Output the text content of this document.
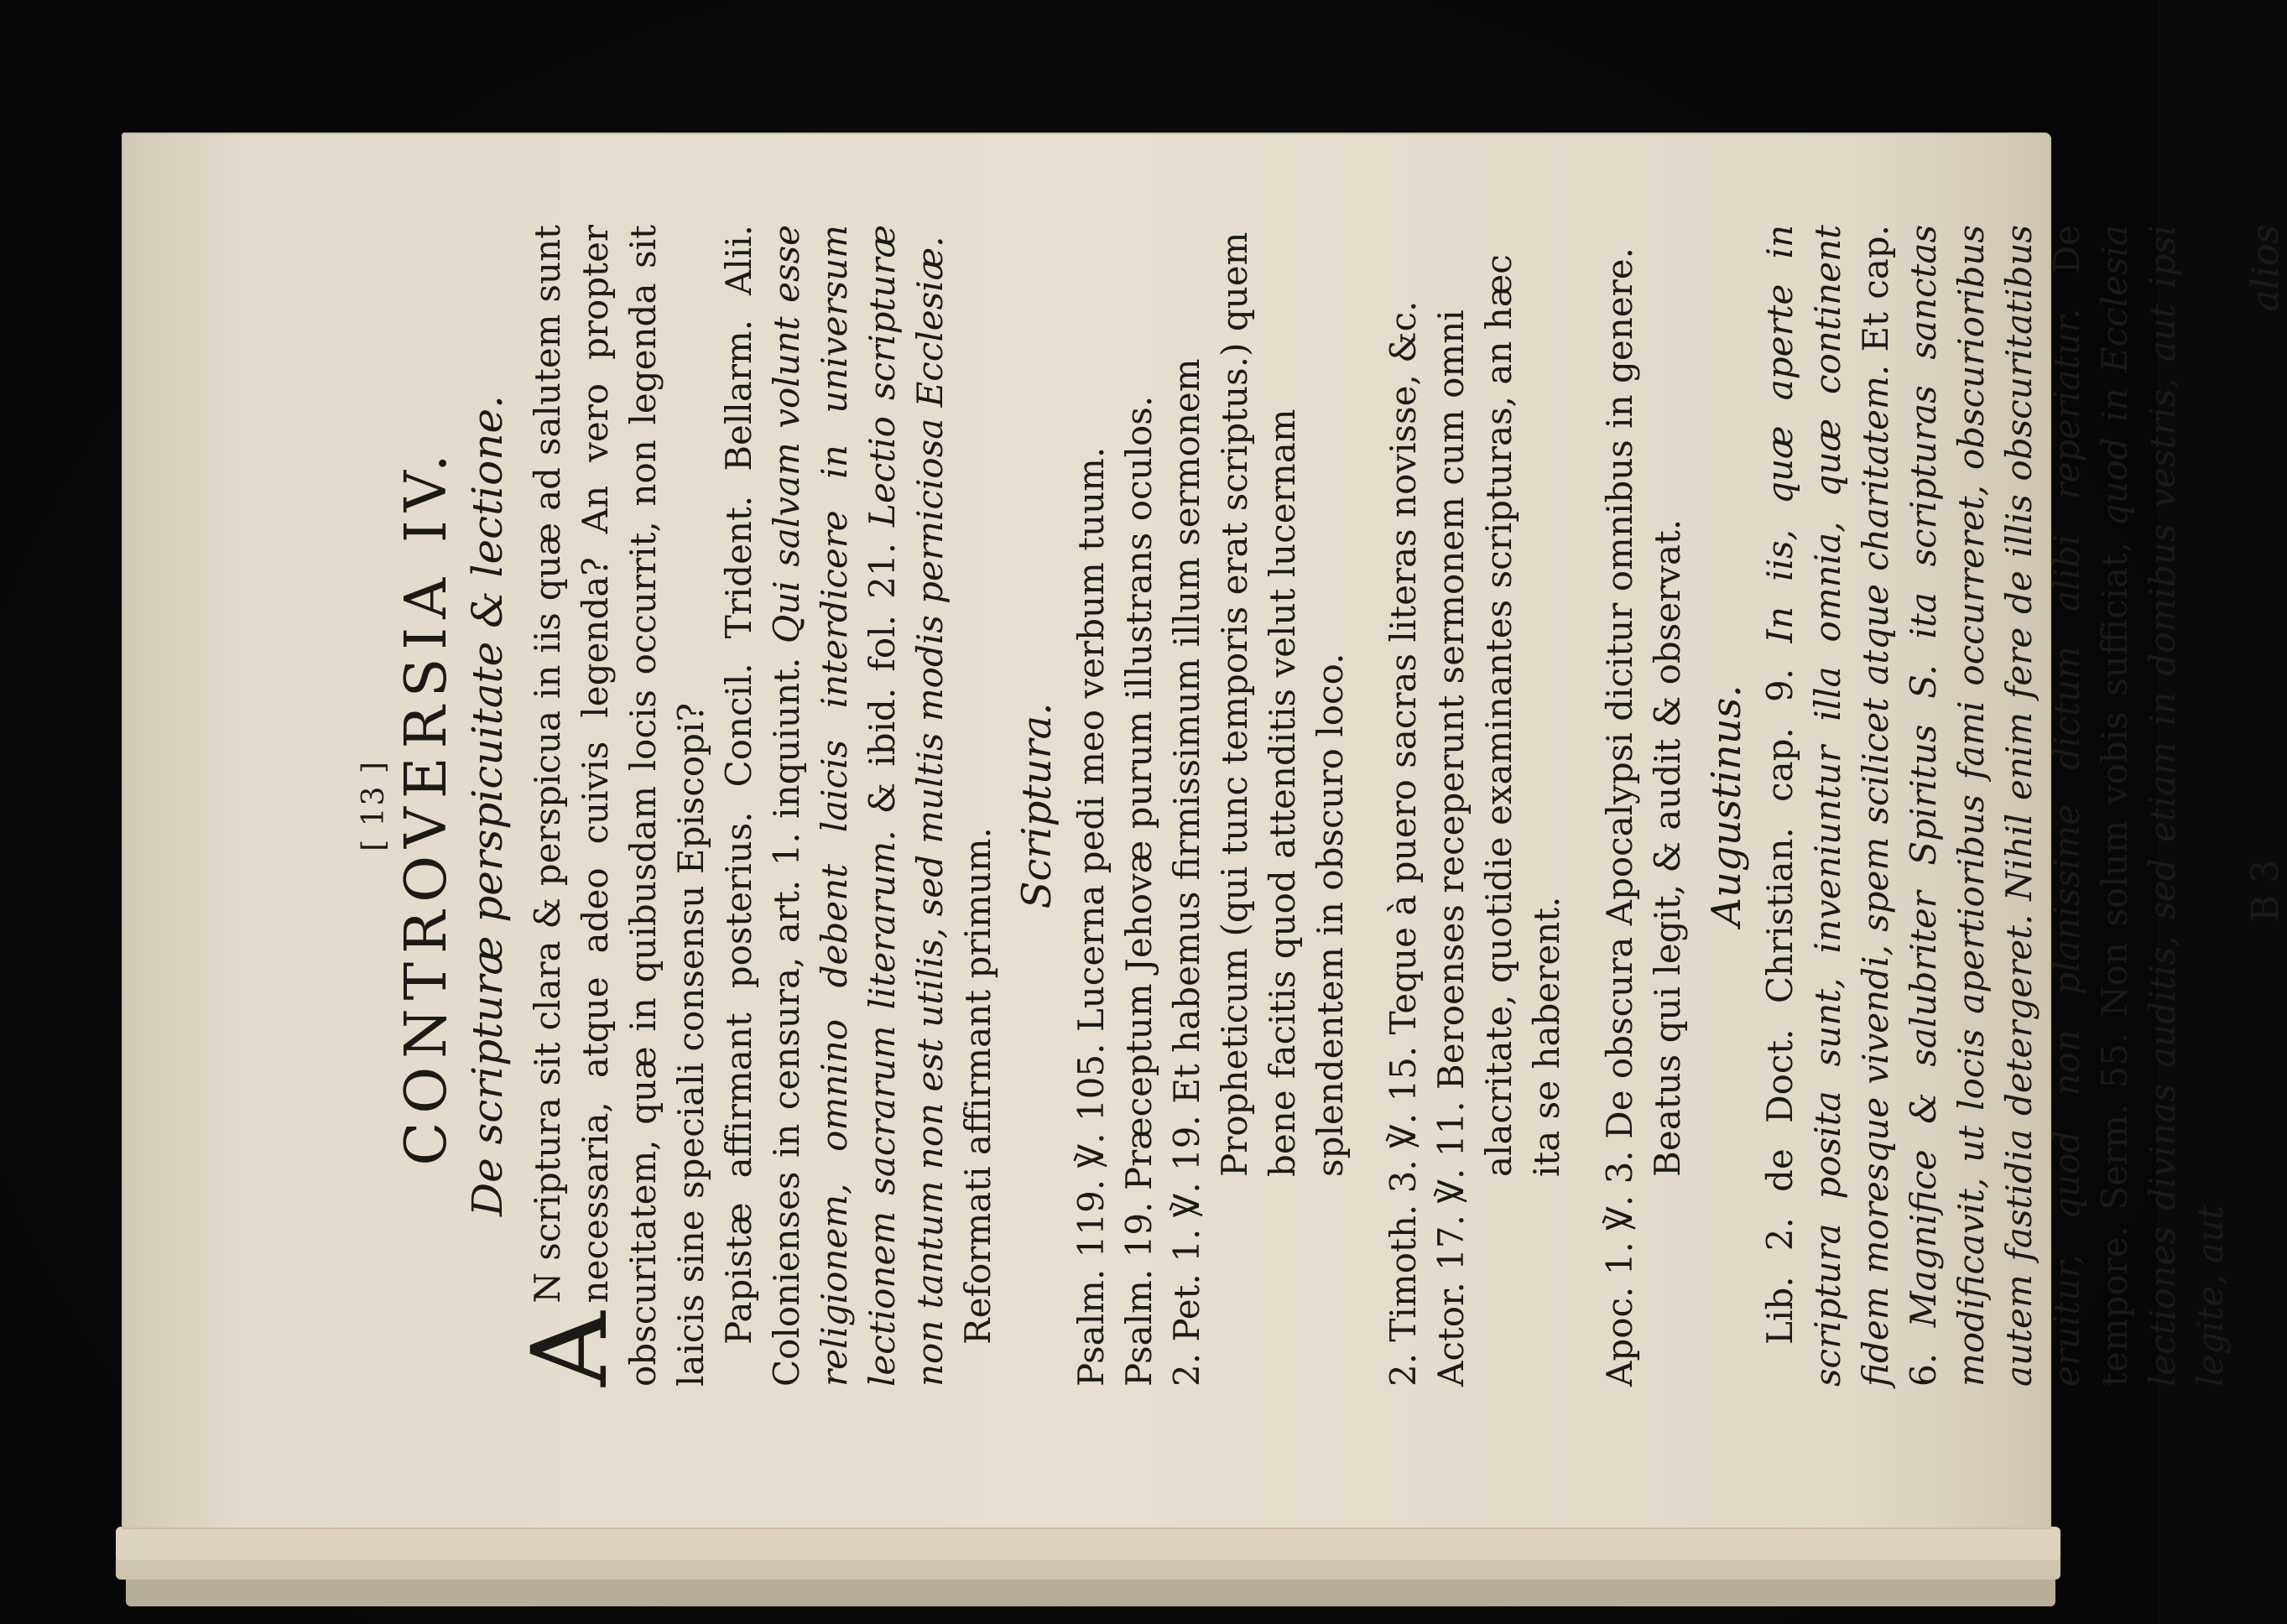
[ 13 ] CONTROVERSIA IV. De scripturæ perspicuitate & lectione.

A
N scriptura sit clara & perspicua in iis quæ ad salutem sunt necessaria, atque adeo cuivis legenda? An vero propter obscuritatem, quæ in quibusdam locis occurrit, non legenda sit laicis sine speciali consensu Episcopi? Papistæ affirmant posterius. Concil. Trident. Bellarm. Alii. Colonienses in censura, art. 1. inquiunt. Qui salvam volunt esse religionem, omnino debent laicis interdicere in universum lectionem sacrarum literarum. & ibid. fol. 21. Lectio scripturæ non tantum non est utilis, sed multis modis perniciosa Ecclesiæ. Reformati affirmant primum.

Scriptura.

Psalm. 119. ℣. 105. Lucerna pedi meo verbum tuum.

Psalm. 19. Præceptum Jehovæ purum illustrans oculos.

2. Pet. 1. ℣. 19. Et habemus firmissimum illum sermonem Propheticum (qui tunc temporis erat scriptus.) quem bene facitis quod attenditis velut lucernam splendentem in obscuro loco.

2. Timoth. 3. ℣. 15. Teque à puero sacras literas novisse, &c.

Actor. 17. ℣. 11. Beroenses receperunt sermonem cum omni alacritate, quotidie examinantes scripturas, an hæc ita se haberent.

Apoc. 1. ℣. 3. De obscura Apocalypsi dicitur omnibus in genere. Beatus qui legit, & audit & observat. Augustinus. Lib. 2. de Doct. Christian. cap. 9. In iis, quæ aperte in scriptura posita sunt, inveniuntur illa omnia, quæ continent fidem moresque vivendi, spem scilicet atque charitatem. Et cap. 6. Magnifice & salubriter Spiritus S. ita scripturas sanctas modificavit, ut locis apertioribus fami occurreret, obscurioribus autem fastidia detergeret. Nihil enim fere de illis obscuritatibus eruitur, quod non planissime dictum alibi reperiatur. De tempore. Serm. 55. Non solum vobis sufficiat, quod in Ecclesia lectiones divinas auditis, sed etiam in domibus vestris, aut ipsi legite, aut

B 3
alios
